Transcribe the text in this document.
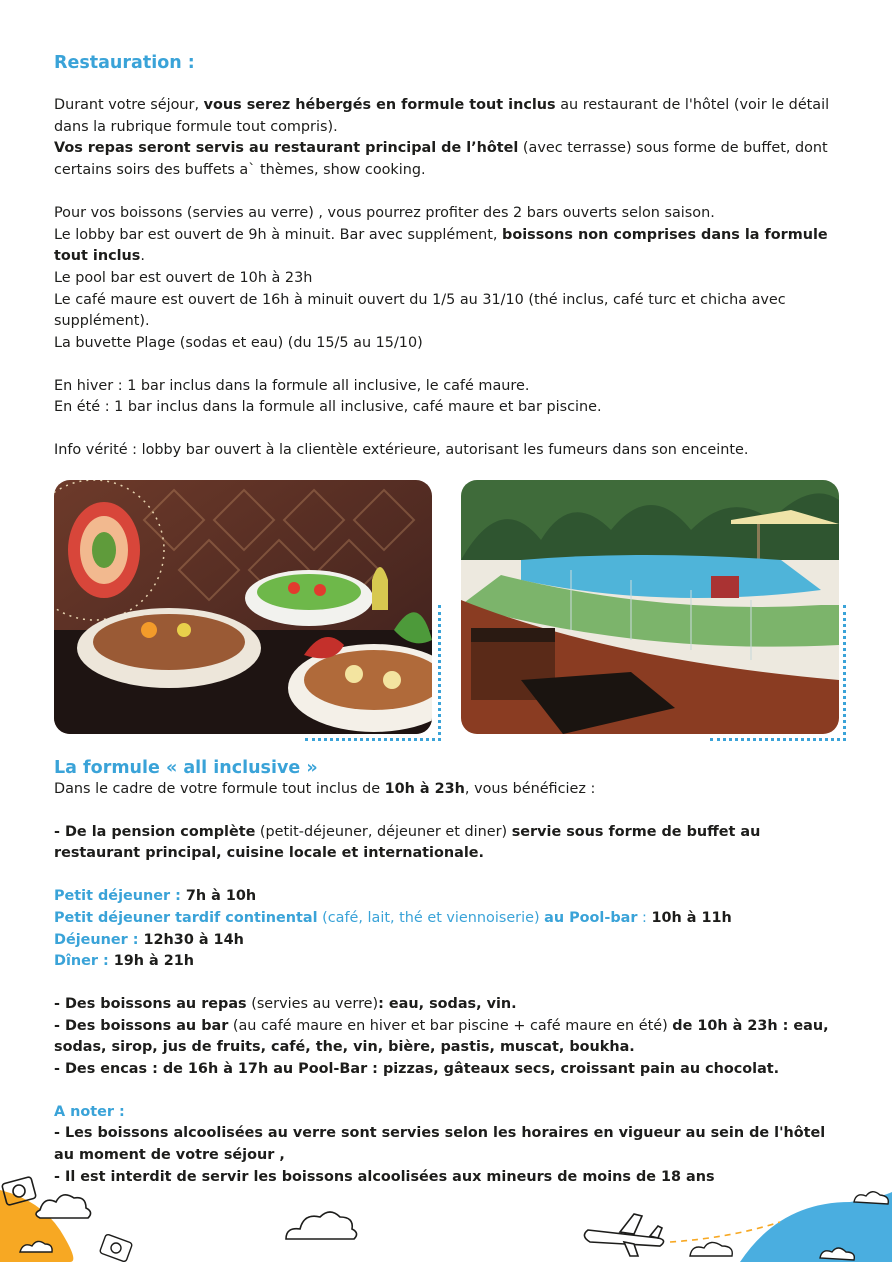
Restauration :

Durant votre séjour, vous serez hébergés en formule tout inclus au restaurant de l'hôtel (voir le détail dans la rubrique formule tout compris).

Vos repas seront servis au restaurant principal de l’hôtel (avec terrasse) sous forme de buffet, dont certains soirs des buffets a` thèmes, show cooking.

Pour vos boissons (servies au verre) , vous pourrez profiter des 2 bars ouverts selon saison.

Le lobby bar est ouvert de 9h à minuit. Bar avec supplément, boissons non comprises dans la formule tout inclus.

Le pool bar est ouvert de 10h à 23h

Le café maure est ouvert de 16h à minuit ouvert du 1/5 au 31/10 (thé inclus, café turc et chicha avec supplément).

La buvette Plage (sodas et eau) (du 15/5 au 15/10)

En hiver : 1 bar inclus dans la formule all inclusive, le café maure.

En été : 1 bar inclus dans la formule all inclusive, café maure et bar piscine.

Info vérité : lobby bar ouvert à la clientèle extérieure, autorisant les fumeurs dans son enceinte.

La formule « all inclusive »

Dans le cadre de votre formule tout inclus de 10h à 23h, vous bénéficiez :

- De la pension complète (petit-déjeuner, déjeuner et diner) servie sous forme de buffet au restaurant principal, cuisine locale et internationale.

Petit déjeuner : 7h à 10h

Petit déjeuner tardif continental (café, lait, thé et viennoiserie) au Pool-bar : 10h à 11h

Déjeuner : 12h30 à 14h

Dîner : 19h à 21h

- Des boissons au repas (servies au verre): eau, sodas, vin.

- Des boissons au bar (au café maure en hiver et bar piscine + café maure en été) de 10h à 23h : eau, sodas, sirop, jus de fruits, café, the, vin, bière, pastis, muscat, boukha.

- Des encas : de 16h à 17h au Pool-Bar : pizzas, gâteaux secs, croissant pain au chocolat.

A noter :

- Les boissons alcoolisées au verre sont servies selon les horaires en vigueur au sein de l'hôtel au moment de votre séjour ,

- Il est interdit de servir les boissons alcoolisées aux mineurs de moins de 18 ans
